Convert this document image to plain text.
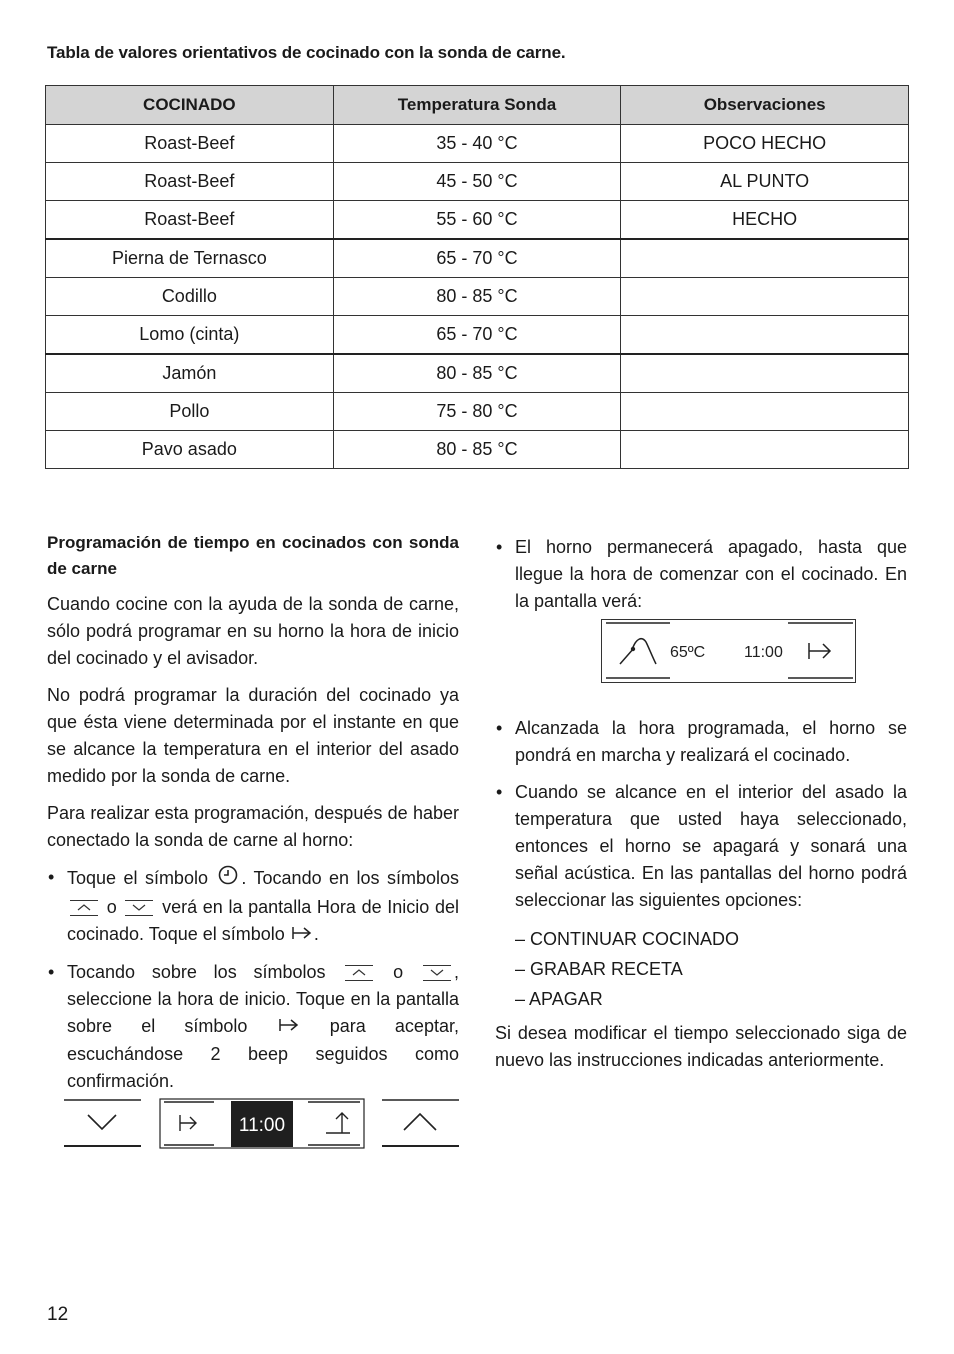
Tabla de valores orientativos de cocinado con la sonda de carne.
COCINADO	Temperatura Sonda	Observaciones
Roast-Beef	35 - 40 °C	POCO HECHO
Roast-Beef	45 - 50 °C	AL PUNTO
Roast-Beef	55 - 60 °C	HECHO
Pierna de Ternasco	65 - 70 °C	
Codillo	80 - 85 °C	
Lomo (cinta)	65 - 70 °C	
Jamón	80 - 85 °C	
Pollo	75 - 80 °C	
Pavo asado	80 - 85 °C	
Programación de tiempo en cocinados con sonda de carne

Cuando cocine con la ayuda de la sonda de carne, sólo podrá programar en su horno la hora de inicio del cocinado y el avisador.

No podrá programar la duración del cocinado ya que ésta viene determinada por el instante en que se alcance la temperatura en el interior del asado medido por la sonda de carne.

Para realizar esta programación, después de haber conectado la sonda de carne al horno:

• Toque el símbolo . Tocando en los símbolos
o	verá en la pantalla Hora de Inicio del cocinado. Toque el símbolo .
• Tocando sobre los símbolos	o	, seleccione la hora de inicio. Toque en la pantalla sobre el símbolo	para aceptar, escuchándose 2 beep seguidos como confirmación.
11:00
• El horno permanecerá apagado, hasta que llegue la hora de comenzar con el cocinado. En la pantalla verá:
• Alcanzada la hora programada, el horno se pondrá en marcha y realizará el cocinado.
• Cuando se alcance en el interior del asado la temperatura que usted haya seleccionado, entonces el horno se apagará y sonará una señal acústica. En las pantallas del horno podrá seleccionar las siguientes opciones:
– CONTINUAR COCINADO
– GRABAR RECETA
– APAGAR

Si desea modificar el tiempo seleccionado siga de nuevo las instrucciones indicadas anteriormente.

65ºC 11:00
12
